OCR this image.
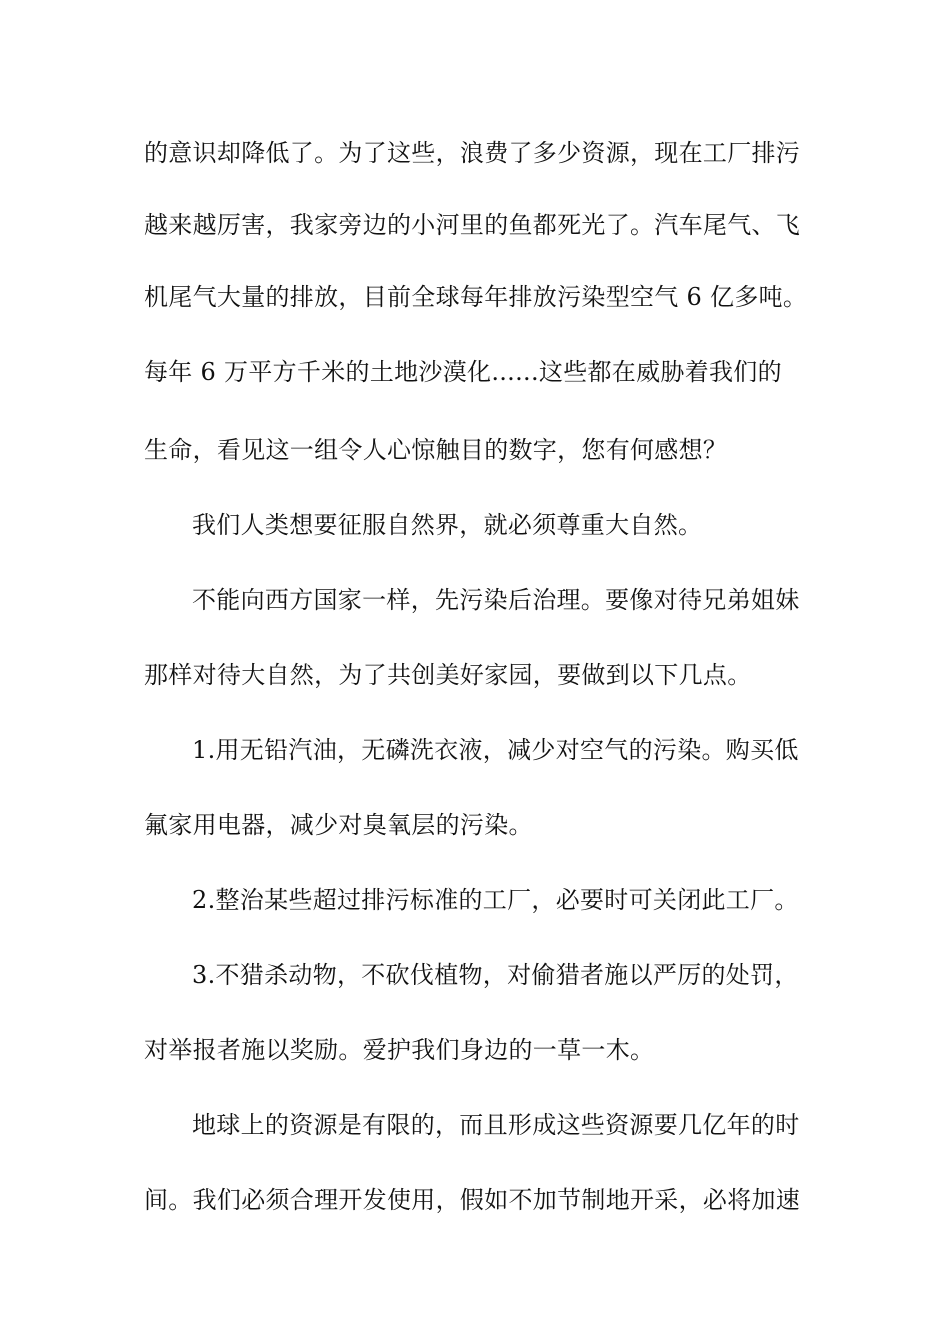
的意识却降低了。为了这些，浪费了多少资源，现在工厂排污
越来越厉害，我家旁边的小河里的鱼都死光了。汽车尾气、飞
机尾气大量的排放，目前全球每年排放污染型空气 6 亿多吨。
每年 6 万平方千米的土地沙漠化......这些都在威胁着我们的
生命，看见这一组令人心惊触目的数字，您有何感想？
我们人类想要征服自然界，就必须尊重大自然。
不能向西方国家一样，先污染后治理。要像对待兄弟姐妹
那样对待大自然，为了共创美好家园，要做到以下几点。
1.用无铅汽油，无磷洗衣液，减少对空气的污染。购买低
氟家用电器，减少对臭氧层的污染。
2.整治某些超过排污标准的工厂，必要时可关闭此工厂。
3.不猎杀动物，不砍伐植物，对偷猎者施以严厉的处罚，
对举报者施以奖励。爱护我们身边的一草一木。
地球上的资源是有限的，而且形成这些资源要几亿年的时
间。我们必须合理开发使用，假如不加节制地开采，必将加速
